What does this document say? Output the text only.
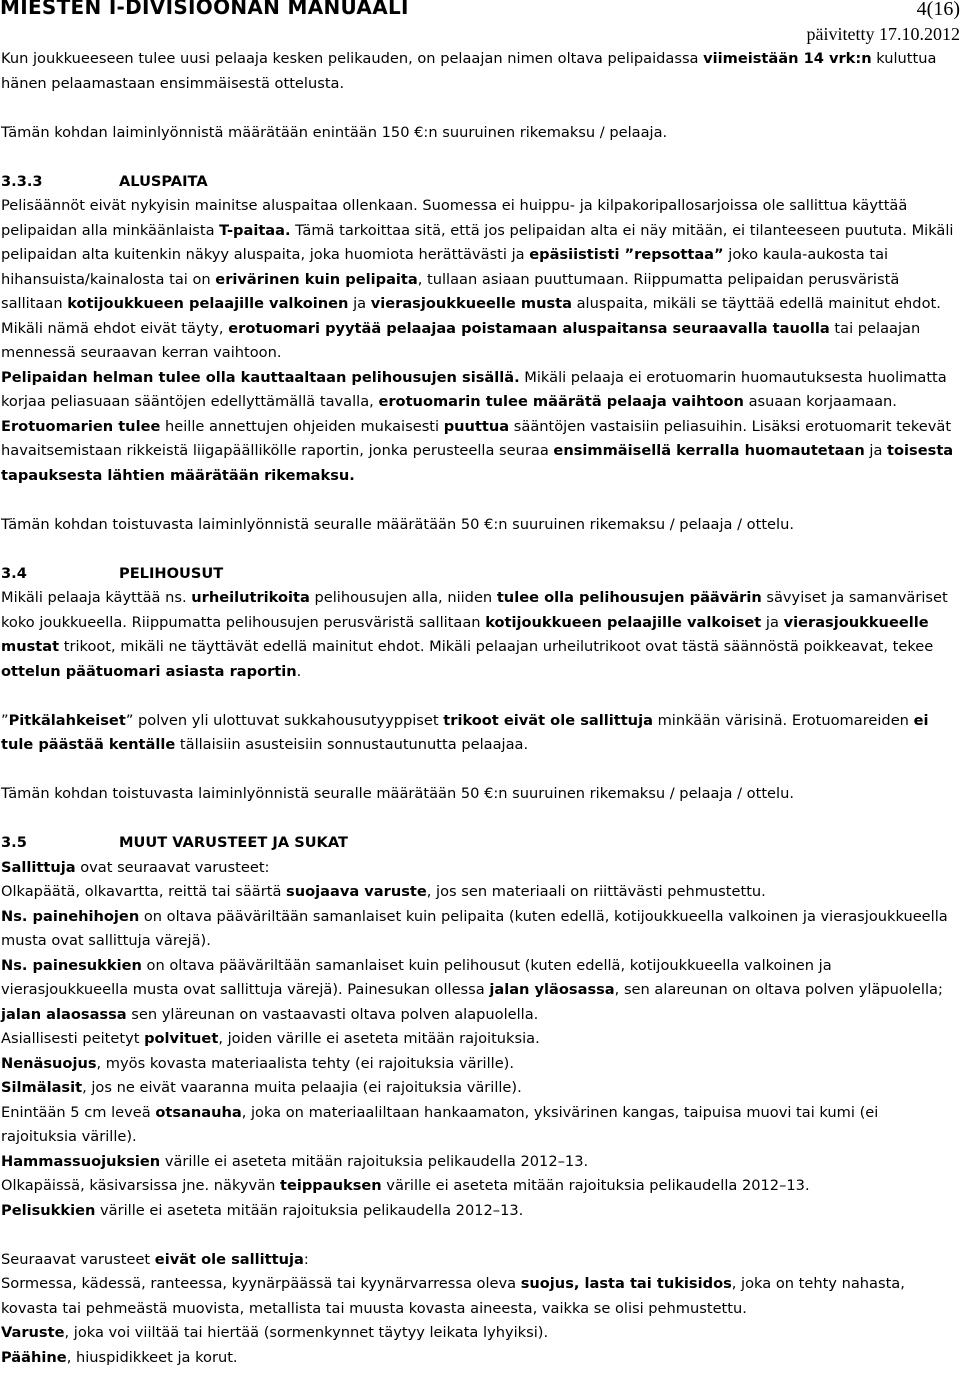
MIESTEN I-DIVISIOONAN MANUAALI	4(16)
päivitetty 17.10.2012

Kun joukkueeseen tulee uusi pelaaja kesken pelikauden, on pelaajan nimen oltava pelipaidassa viimeistään 14 vrk:n kuluttua hänen pelaamastaan ensimmäisestä ottelusta.

Tämän kohdan laiminlyönnistä määrätään enintään 150 €:n suuruinen rikemaksu / pelaaja.

3.3.3	ALUSPAITA

Pelisäännöt eivät nykyisin mainitse aluspaitaa ollenkaan. Suomessa ei huippu- ja kilpakoripallosarjoissa ole sallittua käyttää pelipaidan alla minkäänlaista T-paitaa. Tämä tarkoittaa sitä, että jos pelipaidan alta ei näy mitään, ei tilanteeseen puututa. Mikäli pelipaidan alta kuitenkin näkyy aluspaita, joka huomiota herättävästi ja epäsiististi ”repsottaa” joko kaula-aukosta tai hihansuista/kainalosta tai on erivärinen kuin pelipaita, tullaan asiaan puuttumaan. Riippumatta pelipaidan perusväristä sallitaan kotijoukkueen pelaajille valkoinen ja vierasjoukkueelle musta aluspaita, mikäli se täyttää edellä mainitut ehdot. Mikäli nämä ehdot eivät täyty, erotuomari pyytää pelaajaa poistamaan aluspaitansa seuraavalla tauolla tai pelaajan mennessä seuraavan kerran vaihtoon.

Pelipaidan helman tulee olla kauttaaltaan pelihousujen sisällä. Mikäli pelaaja ei erotuomarin huomautuksesta huolimatta korjaa peliasuaan sääntöjen edellyttämällä tavalla, erotuomarin tulee määrätä pelaaja vaihtoon asuaan korjaamaan.

Erotuomarien tulee heille annettujen ohjeiden mukaisesti puuttua sääntöjen vastaisiin peliasuihin. Lisäksi erotuomarit tekevät havaitsemistaan rikkeistä liigapäällikölle raportin, jonka perusteella seuraa ensimmäisellä kerralla huomautetaan ja toisesta tapauksesta lähtien määrätään rikemaksu.

Tämän kohdan toistuvasta laiminlyönnistä seuralle määrätään 50 €:n suuruinen rikemaksu / pelaaja / ottelu.

3.4	PELIHOUSUT

Mikäli pelaaja käyttää ns. urheilutrikoita pelihousujen alla, niiden tulee olla pelihousujen päävärin sävyiset ja samanväriset koko joukkueella. Riippumatta pelihousujen perusväristä sallitaan kotijoukkueen pelaajille valkoiset ja vierasjoukkueelle mustat trikoot, mikäli ne täyttävät edellä mainitut ehdot. Mikäli pelaajan urheilutrikoot ovat tästä säännöstä poikkeavat, tekee ottelun päätuomari asiasta raportin.

”Pitkälahkeiset” polven yli ulottuvat sukkahousutyyppiset trikoot eivät ole sallittuja minkään värisinä. Erotuomareiden ei tule päästää kentälle tällaisiin asusteisiin sonnustautunutta pelaajaa.

Tämän kohdan toistuvasta laiminlyönnistä seuralle määrätään 50 €:n suuruinen rikemaksu / pelaaja / ottelu.

3.5	MUUT VARUSTEET JA SUKAT

Sallittuja ovat seuraavat varusteet:

Olkapäätä, olkavartta, reittä tai säärtä suojaava varuste, jos sen materiaali on riittävästi pehmustettu.

Ns. painehihojen on oltava pääväriltään samanlaiset kuin pelipaita (kuten edellä, kotijoukkueella valkoinen ja vierasjoukkueella musta ovat sallittuja värejä).

Ns. painesukkien on oltava pääväriltään samanlaiset kuin pelihousut (kuten edellä, kotijoukkueella valkoinen ja vierasjoukkueella musta ovat sallittuja värejä). Painesukan ollessa jalan yläosassa, sen alareunan on oltava polven yläpuolella; jalan alaosassa sen yläreunan on vastaavasti oltava polven alapuolella.

Asiallisesti peitetyt polvituet, joiden värille ei aseteta mitään rajoituksia.

Nenäsuojus, myös kovasta materiaalista tehty (ei rajoituksia värille).

Silmälasit, jos ne eivät vaaranna muita pelaajia (ei rajoituksia värille).

Enintään 5 cm leveä otsanauha, joka on materiaaliltaan hankaamaton, yksivärinen kangas, taipuisa muovi tai kumi (ei rajoituksia värille).

Hammassuojuksien värille ei aseteta mitään rajoituksia pelikaudella 2012–13.

Olkapäissä, käsivarsissa jne. näkyvän teippauksen värille ei aseteta mitään rajoituksia pelikaudella 2012–13.

Pelisukkien värille ei aseteta mitään rajoituksia pelikaudella 2012–13.

Seuraavat varusteet eivät ole sallittuja:

Sormessa, kädessä, ranteessa, kyynärpäässä tai kyynärvarressa oleva suojus, lasta tai tukisidos, joka on tehty nahasta, kovasta tai pehmeästä muovista, metallista tai muusta kovasta aineesta, vaikka se olisi pehmustettu.

Varuste, joka voi viiltää tai hiertää (sormenkynnet täytyy leikata lyhyiksi).

Päähine, hiuspidikkeet ja korut.
